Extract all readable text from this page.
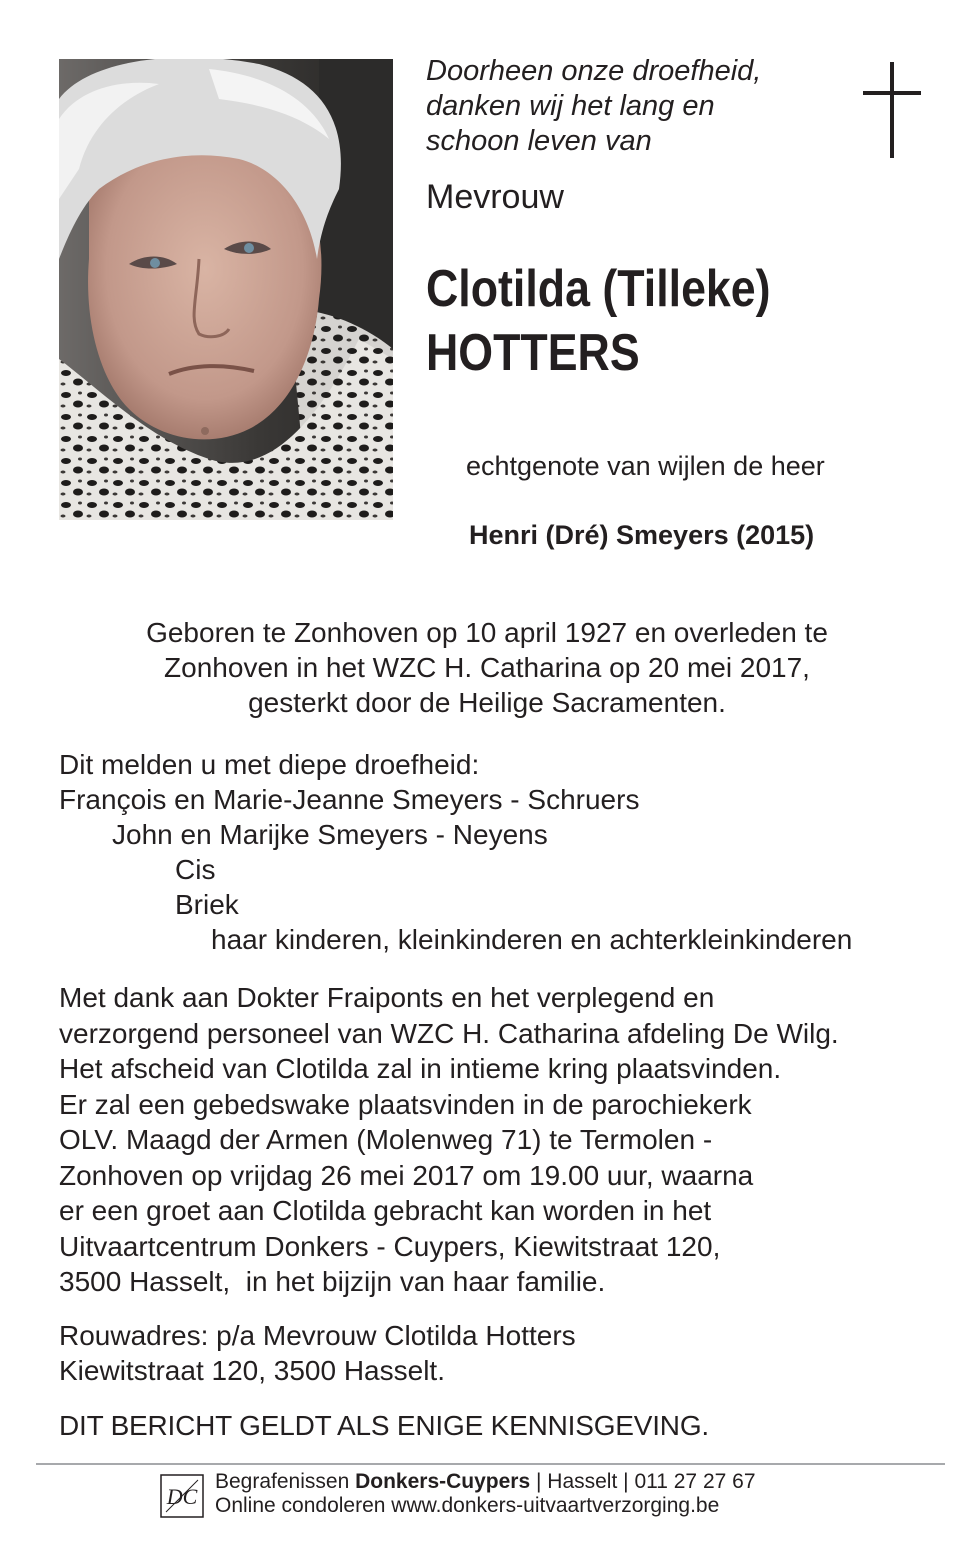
Doorheen onze droefheid,
danken wij het lang en
schoon leven van
Mevrouw
Clotilda (Tilleke)
HOTTERS
echtgenote van wijlen de heer
Henri (Dré) Smeyers (2015)
Geboren te Zonhoven op 10 april 1927 en overleden te
Zonhoven in het WZC H. Catharina op 20 mei 2017,
gesterkt door de Heilige Sacramenten.
Dit melden u met diepe droefheid:
François en Marie-Jeanne Smeyers - Schruers
John en Marijke Smeyers - Neyens
Cis
Briek
haar kinderen, kleinkinderen en achterkleinkinderen
Met dank aan Dokter Fraiponts en het verplegend en
verzorgend personeel van WZC H. Catharina afdeling De Wilg.
Het afscheid van Clotilda zal in intieme kring plaatsvinden.
Er zal een gebedswake plaatsvinden in de parochiekerk
OLV. Maagd der Armen (Molenweg 71) te Termolen -
Zonhoven op vrijdag 26 mei 2017 om 19.00 uur, waarna
er een groet aan Clotilda gebracht kan worden in het
Uitvaartcentrum Donkers - Cuypers, Kiewitstraat 120,
3500 Hasselt,  in het bijzijn van haar familie.
Rouwadres: p/a Mevrouw Clotilda Hotters
Kiewitstraat 120, 3500 Hasselt.
DIT BERICHT GELDT ALS ENIGE KENNISGEVING.
DC
Begrafenissen Donkers-Cuypers | Hasselt | 011 27 27 67
Online condoleren www.donkers-uitvaartverzorging.be
